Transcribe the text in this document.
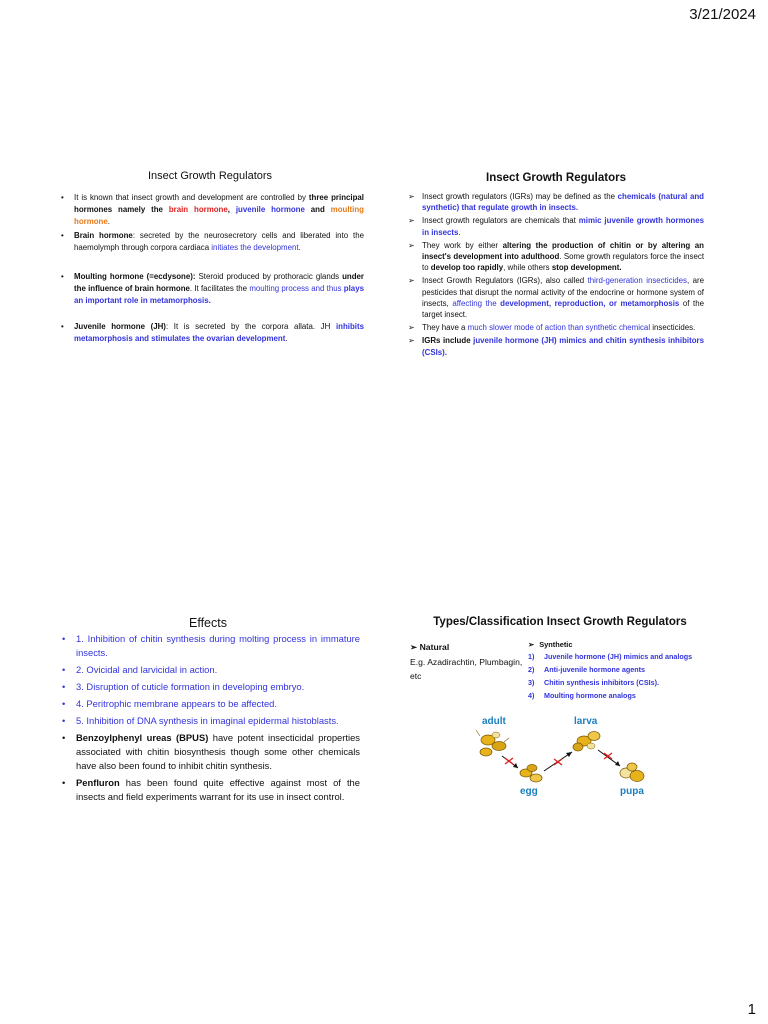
3/21/2024
Insect Growth Regulators
• It is known that insect growth and development are controlled by three principal hormones namely the brain hormone, juvenile hormone and moulting hormone.
• Brain hormone: secreted by the neurosecretory cells and liberated into the haemolymph through corpora cardiaca initiates the development.
• Moulting hormone (=ecdysone): Steroid produced by prothoracic glands under the influence of brain hormone. It facilitates the moulting process and thus plays an important role in metamorphosis.
• Juvenile hormone (JH): It is secreted by the corpora allata. JH inhibits metamorphosis and stimulates the ovarian development.
Insect Growth Regulators
➢ Insect growth regulators (IGRs) may be defined as the chemicals (natural and synthetic) that regulate growth in insects.
➢ Insect growth regulators are chemicals that mimic juvenile growth hormones in insects.
➢ They work by either altering the production of chitin or by altering an insect's development into adulthood. Some growth regulators force the insect to develop too rapidly, while others stop development.
➢ Insect Growth Regulators (IGRs), also called third-generation insecticides, are pesticides that disrupt the normal activity of the endocrine or hormone system of insects, affecting the development, reproduction, or metamorphosis of the target insect.
➢ They have a much slower mode of action than synthetic chemical insecticides.
➢ IGRs include juvenile hormone (JH) mimics and chitin synthesis inhibitors (CSIs).
Effects
• 1. Inhibition of chitin synthesis during molting process in immature insects.
• 2. Ovicidal and larvicidal in action.
• 3. Disruption of cuticle formation in developing embryo.
• 4. Peritrophic membrane appears to be affected.
• 5. Inhibition of DNA synthesis in imaginal epidermal histoblasts.
• Benzoylphenyl ureas (BPUS) have potent insecticidal properties associated with chitin biosynthesis though some other chemicals have also been found to inhibit chitin synthesis.
• Penfluron has been found quite effective against most of the insects and field experiments warrant for its use in insect control.
Types/Classification Insect Growth Regulators
➢ Natural
E.g. Azadirachtin, Plumbagin, etc
➢ Synthetic
1) Juvenile hormone (JH) mimics and analogs
2) Anti-juvenile hormone agents
3) Chitin synthesis inhibitors (CSIs).
4) Moulting hormone analogs
adult	larva
egg	pupa
1
